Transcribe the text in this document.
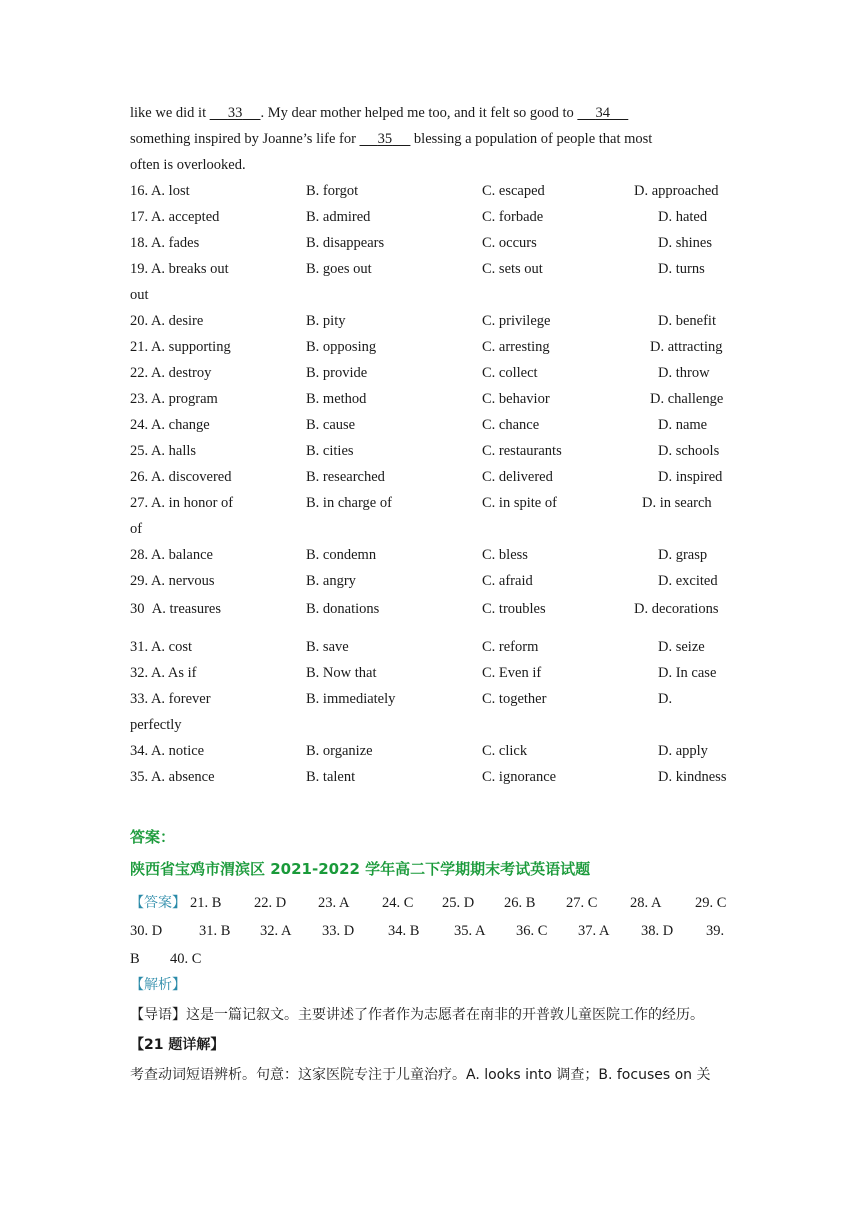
like we did it 33 . My dear mother helped me too, and it felt so good to 34
something inspired by Joanne’s life for 35 blessing a population of people that most
often is overlooked.
16. A. lost	B. forgot	C. escaped	D. approached
17. A. accepted	B. admired	C. forbade	D. hated
18. A. fades	B. disappears	C. occurs	D. shines
19. A. breaks out	B. goes out	C. sets out	D. turns
out
20. A. desire	B. pity	C. privilege	D. benefit
21. A. supporting	B. opposing	C. arresting	D. attracting
22. A. destroy	B. provide	C. collect	D. throw
23. A. program	B. method	C. behavior	D. challenge
24. A. change	B. cause	C. chance	D. name
25. A. halls	B. cities	C. restaurants	D. schools
26. A. discovered	B. researched	C. delivered	D. inspired
27. A. in honor of	B. in charge of	C. in spite of	D. in search
of
28. A. balance	B. condemn	C. bless	D. grasp
29. A. nervous	B. angry	C. afraid	D. excited
30  A. treasures	B. donations	C. troubles	D. decorations
31. A. cost	B. save	C. reform	D. seize
32. A. As if	B. Now that	C. Even if	D. In case
33. A. forever	B. immediately	C. together	D.
perfectly
34. A. notice	B. organize	C. click	D. apply
35. A. absence	B. talent	C. ignorance	D. kindness
答案：
陕西省宝鸡市渭滨区 2021-2022 学年高二下学期期末考试英语试题
【答案】 21. B 22. D 23. A 24. C 25. D 26. B 27. C 28. A 29. C
30. D	31. B 32. A 33. D 34. B 35. A 36. C 37. A 38. D 39.
B 40. C
【解析】
【导语】这是一篇记叙文。主要讲述了作者作为志愿者在南非的开普敦儿童医院工作的经历。
【21 题详解】
考查动词短语辨析。句意：这家医院专注于儿童治疗。A. looks into 调查；B. focuses on 关
